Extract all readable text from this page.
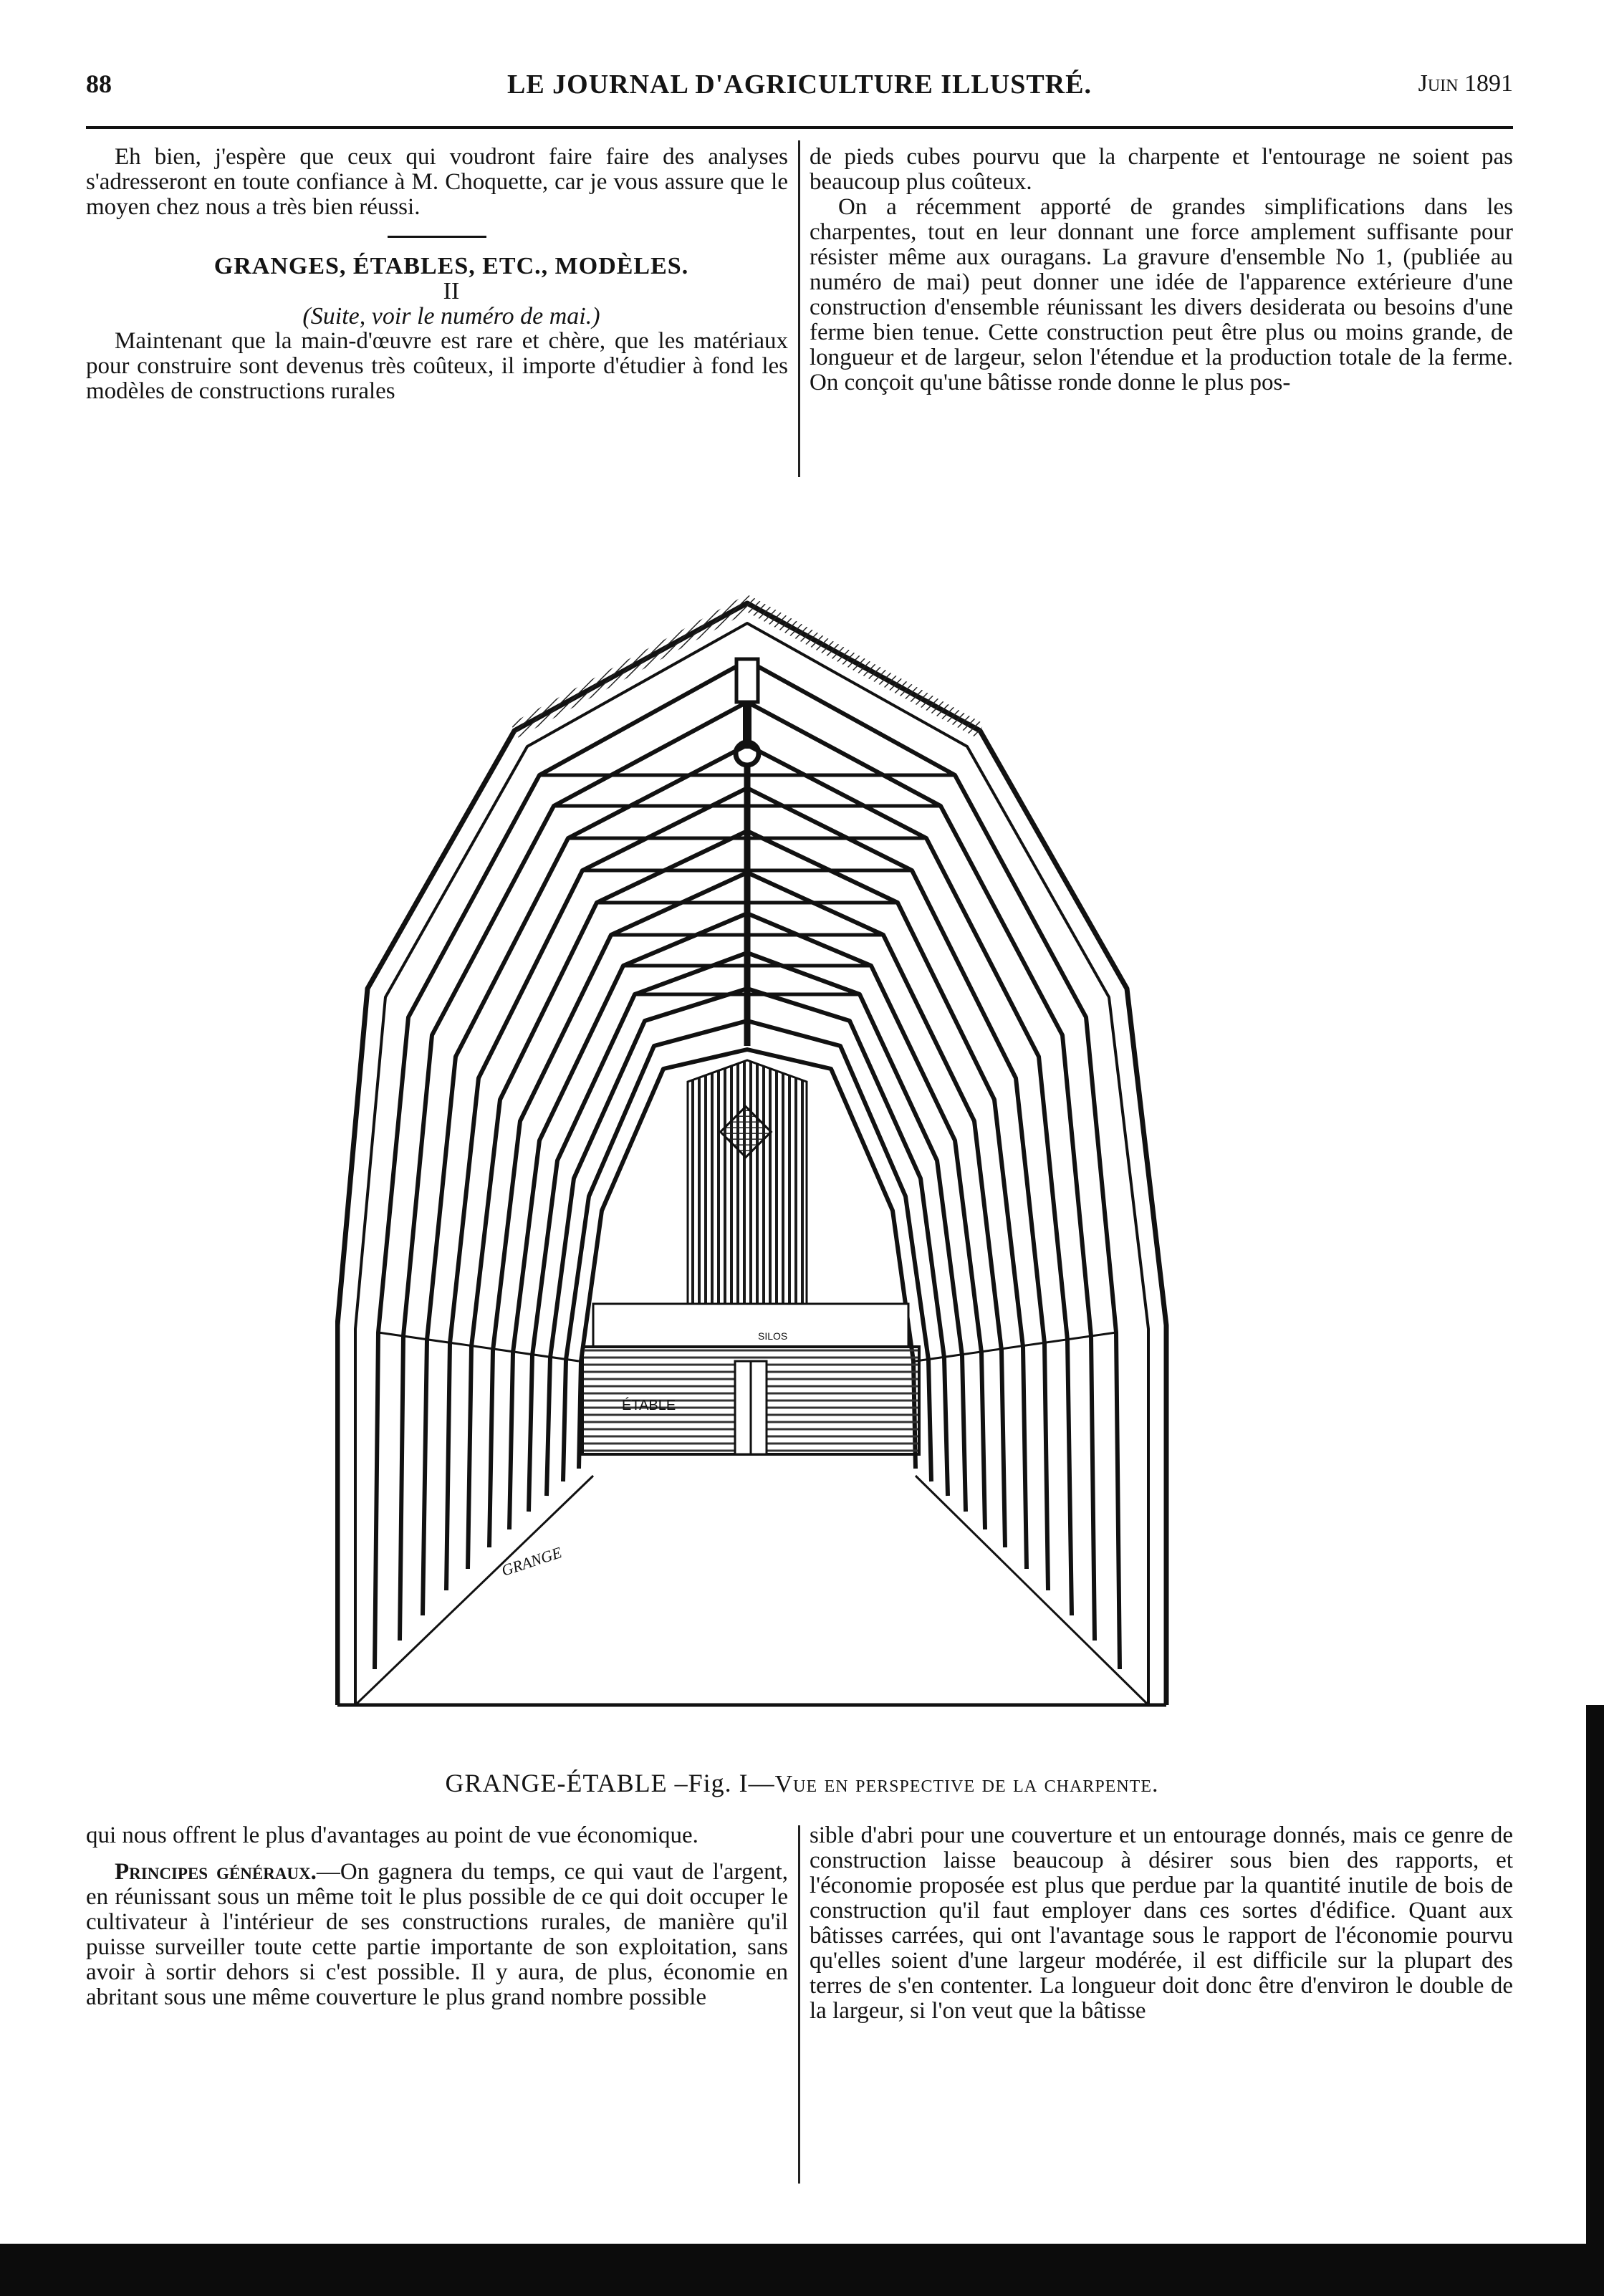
88	LE JOURNAL D'AGRICULTURE ILLUSTRÉ.	Juin 1891

Eh bien, j'espère que ceux qui voudront faire faire des analyses s'adresseront en toute confiance à M. Choquette, car je vous assure que le moyen chez nous a très bien réussi.

GRANGES, ÉTABLES, ETC., MODÈLES.

II

(Suite, voir le numéro de mai.)

Maintenant que la main-d'œuvre est rare et chère, que les matériaux pour construire sont devenus très coûteux, il importe d'étudier à fond les modèles de constructions rurales

de pieds cubes pourvu que la charpente et l'entourage ne soient pas beaucoup plus coûteux.

On a récemment apporté de grandes simplifications dans les charpentes, tout en leur donnant une force amplement suffisante pour résister même aux ouragans. La gravure d'ensemble No 1, (publiée au numéro de mai) peut donner une idée de l'apparence extérieure d'une construction d'ensemble réunissant les divers desiderata ou besoins d'une ferme bien tenue. Cette construction peut être plus ou moins grande, de longueur et de largeur, selon l'étendue et la production totale de la ferme. On conçoit qu'une bâtisse ronde donne le plus pos-

SILOS
ÉTABLE
GRANGE
GRANGE-ÉTABLE –Fig. I—Vue en perspective de la charpente.

qui nous offrent le plus d'avantages au point de vue économique.

Principes généraux.—On gagnera du temps, ce qui vaut de l'argent, en réunissant sous un même toit le plus possible de ce qui doit occuper le cultivateur à l'intérieur de ses constructions rurales, de manière qu'il puisse surveiller toute cette partie importante de son exploitation, sans avoir à sortir dehors si c'est possible. Il y aura, de plus, économie en abritant sous une même couverture le plus grand nombre possible

sible d'abri pour une couverture et un entourage donnés, mais ce genre de construction laisse beaucoup à désirer sous bien des rapports, et l'économie proposée est plus que perdue par la quantité inutile de bois de construction qu'il faut employer dans ces sortes d'édifice. Quant aux bâtisses carrées, qui ont l'avantage sous le rapport de l'économie pourvu qu'elles soient d'une largeur modérée, il est difficile sur la plupart des terres de s'en contenter. La longueur doit donc être d'environ le double de la largeur, si l'on veut que la bâtisse
